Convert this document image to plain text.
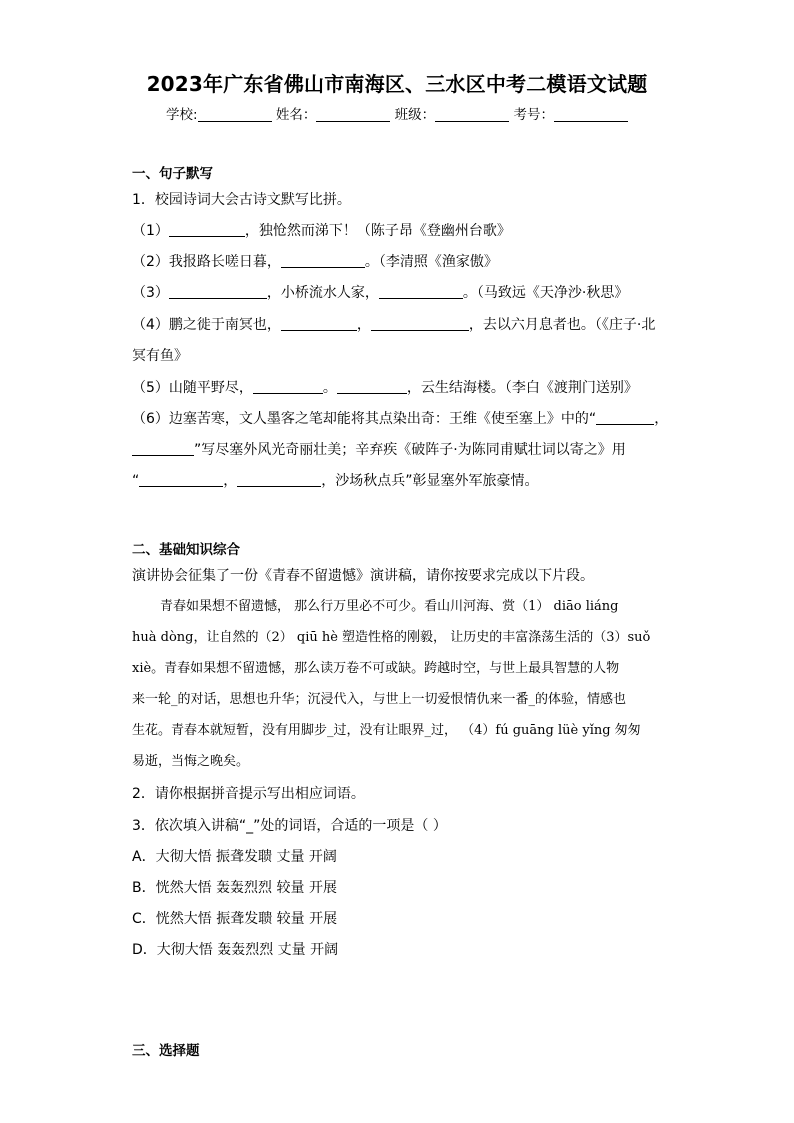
2023年广东省佛山市南海区、三水区中考二模语文试题
学校:	姓名：	班级：	考号：
一、句子默写
1．校园诗词大会古诗文默写比拼。
（1）	，独怆然而涕下！（陈子昂《登幽州台歌》
（2）我报路长嗟日暮，	。（李清照《渔家傲》
（3）	，小桥流水人家，	。（马致远《天净沙·秋思》
（4）鹏之徙于南冥也，	，	，去以六月息者也。（《庄子·北
冥有鱼》
（5）山随平野尽，	。	，云生结海楼。（李白《渡荆门送别》
（6）边塞苦寒，文人墨客之笔却能将其点染出奇：王维《使至塞上》中的“	，
”写尽塞外风光奇丽壮美；辛弃疾《破阵子·为陈同甫赋壮词以寄之》用
“	，	，沙场秋点兵”彰显塞外军旅豪情。
二、基础知识综合
演讲协会征集了一份《青春不留遗憾》演讲稿，请你按要求完成以下片段。
青春如果想不留遗憾， 那么行万里必不可少。看山川河海、赏（1） diāo liáng
huà dòng，让自然的（2） qiū hè 塑造性格的刚毅， 让历史的丰富涤荡生活的（3）suǒ
xiè。青春如果想不留遗憾，那么读万卷不可或缺。跨越时空，与世上最具智慧的人物
来一轮_的对话，思想也升华；沉浸代入，与世上一切爱恨情仇来一番_的体验，情感也
生花。青春本就短暂，没有用脚步_过，没有让眼界_过， （4）fú guāng lüè yǐng 匆匆
易逝，当悔之晚矣。
2．请你根据拼音提示写出相应词语。
3．依次填入讲稿“_”处的词语，合适的一项是（ ）
A．大彻大悟 振聋发聩 丈量 开阔
B．恍然大悟 轰轰烈烈 较量 开展
C．恍然大悟 振聋发聩 较量 开展
D．大彻大悟 轰轰烈烈 丈量 开阔
三、选择题
